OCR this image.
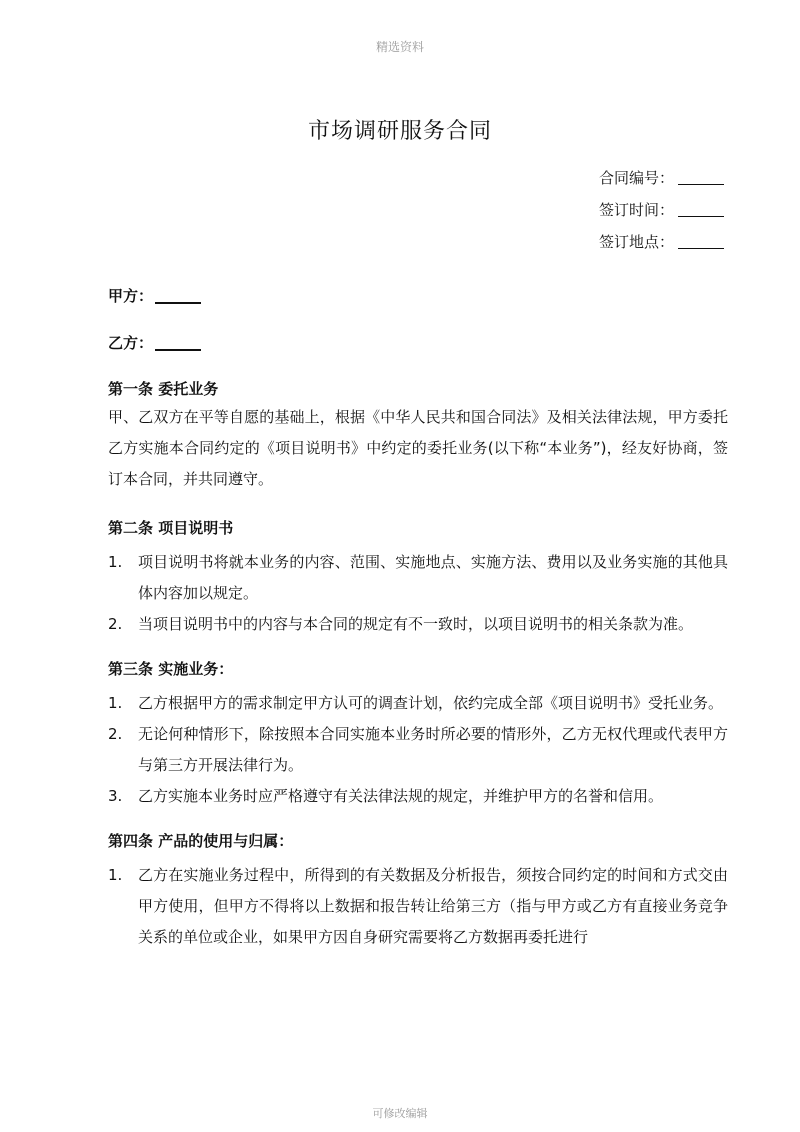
精选资料
市场调研服务合同
合同编号：
签订时间：
签订地点：
甲方：
乙方：
第一条 委托业务
甲、乙双方在平等自愿的基础上，根据《中华人民共和国合同法》及相关法律法规，甲方委托乙方实施本合同约定的《项目说明书》中约定的委托业务(以下称“本业务”)，经友好协商，签订本合同，并共同遵守。
第二条 项目说明书
1.	项目说明书将就本业务的内容、范围、实施地点、实施方法、费用以及业务实施的其他具体内容加以规定。
2.	当项目说明书中的内容与本合同的规定有不一致时，以项目说明书的相关条款为准。
第三条 实施业务：
1.	乙方根据甲方的需求制定甲方认可的调查计划，依约完成全部《项目说明书》受托业务。
2.	无论何种情形下，除按照本合同实施本业务时所必要的情形外，乙方无权代理或代表甲方与第三方开展法律行为。
3.	乙方实施本业务时应严格遵守有关法律法规的规定，并维护甲方的名誉和信用。
第四条 产品的使用与归属：
1.	乙方在实施业务过程中，所得到的有关数据及分析报告，须按合同约定的时间和方式交由甲方使用，但甲方不得将以上数据和报告转让给第三方（指与甲方或乙方有直接业务竞争关系的单位或企业，如果甲方因自身研究需要将乙方数据再委托进行
可修改编辑
